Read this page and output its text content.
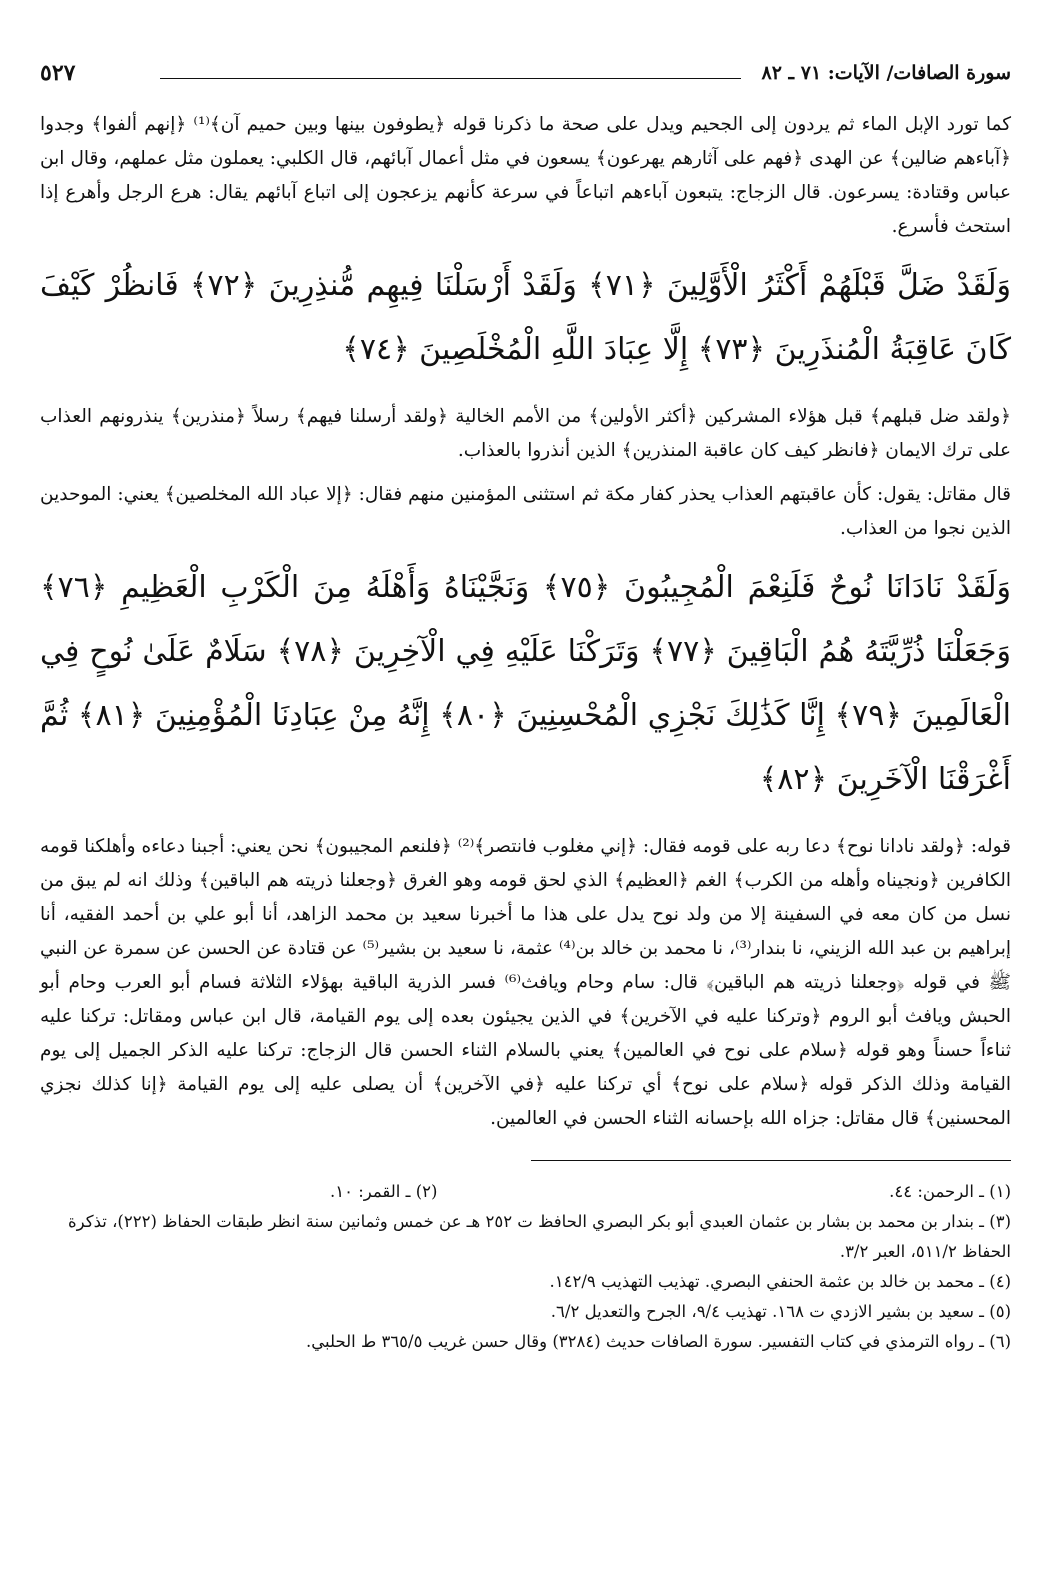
سورة الصافات/ الآيات: ٧١ ـ ٨٢
٥٢٧

كما تورد الإبل الماء ثم يردون إلى الجحيم ويدل على صحة ما ذكرنا قوله ﴿يطوفون بينها وبين حميم آن﴾⁽¹⁾ ﴿إنهم ألفوا﴾ وجدوا ﴿آباءهم ضالين﴾ عن الهدى ﴿فهم على آثارهم يهرعون﴾ يسعون في مثل أعمال آبائهم، قال الكلبي: يعملون مثل عملهم، وقال ابن عباس وقتادة: يسرعون. قال الزجاج: يتبعون آباءهم اتباعاً في سرعة كأنهم يزعجون إلى اتباع آبائهم يقال: هرع الرجل وأهرع إذا استحث فأسرع.

وَلَقَدْ ضَلَّ قَبْلَهُمْ أَكْثَرُ الْأَوَّلِينَ ﴿٧١﴾ وَلَقَدْ أَرْسَلْنَا فِيهِم مُّنذِرِينَ ﴿٧٢﴾ فَانظُرْ كَيْفَ كَانَ عَاقِبَةُ الْمُنذَرِينَ ﴿٧٣﴾ إِلَّا عِبَادَ اللَّهِ الْمُخْلَصِينَ ﴿٧٤﴾

﴿ولقد ضل قبلهم﴾ قبل هؤلاء المشركين ﴿أكثر الأولين﴾ من الأمم الخالية ﴿ولقد أرسلنا فيهم﴾ رسلاً ﴿منذرين﴾ ينذرونهم العذاب على ترك الايمان ﴿فانظر كيف كان عاقبة المنذرين﴾ الذين أنذروا بالعذاب.

قال مقاتل: يقول: كأن عاقبتهم العذاب يحذر كفار مكة ثم استثنى المؤمنين منهم فقال: ﴿إلا عباد الله المخلصين﴾ يعني: الموحدين الذين نجوا من العذاب.

وَلَقَدْ نَادَانَا نُوحٌ فَلَنِعْمَ الْمُجِيبُونَ ﴿٧٥﴾ وَنَجَّيْنَاهُ وَأَهْلَهُ مِنَ الْكَرْبِ الْعَظِيمِ ﴿٧٦﴾ وَجَعَلْنَا ذُرِّيَّتَهُ هُمُ الْبَاقِينَ ﴿٧٧﴾ وَتَرَكْنَا عَلَيْهِ فِي الْآخِرِينَ ﴿٧٨﴾ سَلَامٌ عَلَىٰ نُوحٍ فِي الْعَالَمِينَ ﴿٧٩﴾ إِنَّا كَذَٰلِكَ نَجْزِي الْمُحْسِنِينَ ﴿٨٠﴾ إِنَّهُ مِنْ عِبَادِنَا الْمُؤْمِنِينَ ﴿٨١﴾ ثُمَّ أَغْرَقْنَا الْآخَرِينَ ﴿٨٢﴾

قوله: ﴿ولقد نادانا نوح﴾ دعا ربه على قومه فقال: ﴿إني مغلوب فانتصر﴾⁽²⁾ ﴿فلنعم المجيبون﴾ نحن يعني: أجبنا دعاءه وأهلكنا قومه الكافرين ﴿ونجيناه وأهله من الكرب﴾ الغم ﴿العظيم﴾ الذي لحق قومه وهو الغرق ﴿وجعلنا ذريته هم الباقين﴾ وذلك انه لم يبق من نسل من كان معه في السفينة إلا من ولد نوح يدل على هذا ما أخبرنا سعيد بن محمد الزاهد، أنا أبو علي بن أحمد الفقيه، أنا إبراهيم بن عبد الله الزيني، نا بندار⁽³⁾، نا محمد بن خالد بن⁽⁴⁾ عثمة، نا سعيد بن بشير⁽⁵⁾ عن قتادة عن الحسن عن سمرة عن النبي ﷺ في قوله ﴿وجعلنا ذريته هم الباقين﴾ قال: سام وحام ويافث⁽⁶⁾ فسر الذرية الباقية بهؤلاء الثلاثة فسام أبو العرب وحام أبو الحبش ويافث أبو الروم ﴿وتركنا عليه في الآخرين﴾ في الذين يجيئون بعده إلى يوم القيامة، قال ابن عباس ومقاتل: تركنا عليه ثناءاً حسناً وهو قوله ﴿سلام على نوح في العالمين﴾ يعني بالسلام الثناء الحسن قال الزجاج: تركنا عليه الذكر الجميل إلى يوم القيامة وذلك الذكر قوله ﴿سلام على نوح﴾ أي تركنا عليه ﴿في الآخرين﴾ أن يصلى عليه إلى يوم القيامة ﴿إنا كذلك نجزي المحسنين﴾ قال مقاتل: جزاه الله بإحسانه الثناء الحسن في العالمين.

(١) ـ الرحمن: ٤٤.
(٢) ـ القمر: ١٠.

(٣) ـ بندار بن محمد بن بشار بن عثمان العبدي أبو بكر البصري الحافظ ت ٢٥٢ هـ عن خمس وثمانين سنة انظر طبقات الحفاظ (٢٢٢)، تذكرة الحفاظ ٥١١/٢، العبر ٣/٢.

(٤) ـ محمد بن خالد بن عثمة الحنفي البصري. تهذيب التهذيب ١٤٢/٩.

(٥) ـ سعيد بن بشير الازدي ت ١٦٨. تهذيب ٩/٤، الجرح والتعديل ٦/٢.

(٦) ـ رواه الترمذي في كتاب التفسير. سورة الصافات حديث (٣٢٨٤) وقال حسن غريب ٣٦٥/٥ ط الحلبي.
